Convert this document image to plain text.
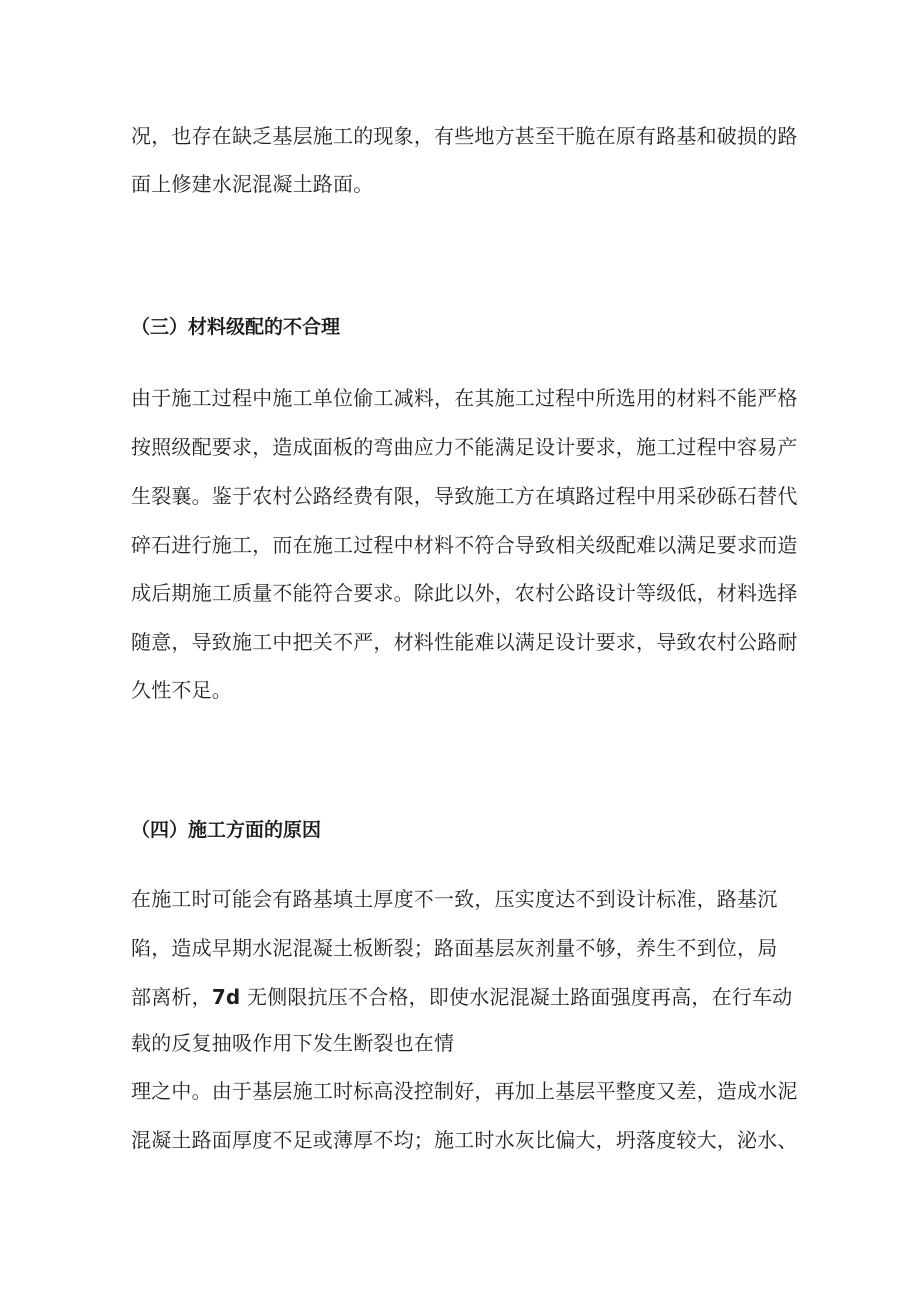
况，也存在缺乏基层施工的现象，有些地方甚至干脆在原有路基和破损的路
面上修建水泥混凝土路面。
（三）材料级配的不合理
由于施工过程中施工单位偷工减料，在其施工过程中所选用的材料不能严格
按照级配要求，造成面板的弯曲应力不能满足设计要求，施工过程中容易产
生裂襄。鉴于农村公路经费有限，导致施工方在填路过程中用采砂砾石替代
碎石进行施工，而在施工过程中材料不符合导致相关级配难以满足要求而造
成后期施工质量不能符合要求。除此以外，农村公路设计等级低，材料选择
随意，导致施工中把关不严，材料性能难以满足设计要求，导致农村公路耐
久性不足。
（四）施工方面的原因
在施工时可能会有路基填土厚度不一致，压实度达不到设计标准，路基沉
陷，造成早期水泥混凝土板断裂；路面基层灰剂量不够，养生不到位，局
部离析，7d 无侧限抗压不合格，即使水泥混凝土路面强度再高，在行车动
载的反复抽吸作用下发生断裂也在情
理之中。由于基层施工时标高没控制好，再加上基层平整度又差，造成水泥
混凝土路面厚度不足或薄厚不均；施工时水灰比偏大，坍落度较大，泌水、
